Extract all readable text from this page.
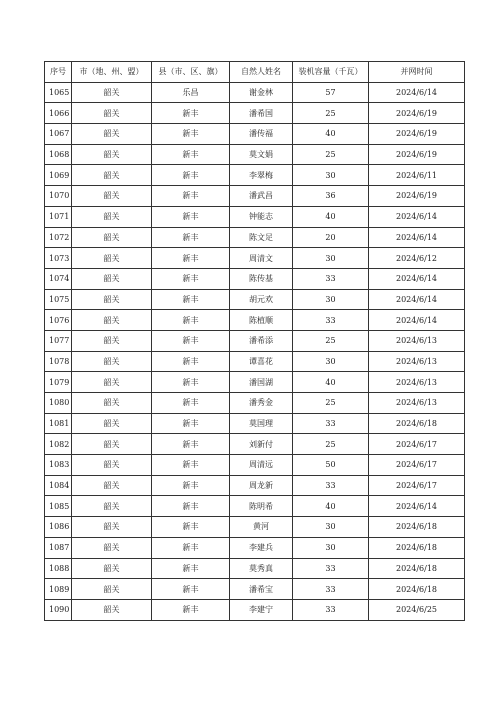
序号	市（地、州、盟）	县（市、区、旗）	自然人姓名	装机容量（千瓦）	并网时间
1065	韶关	乐昌	谢金林	57	2024/6/14
1066	韶关	新丰	潘希国	25	2024/6/19
1067	韶关	新丰	潘传福	40	2024/6/19
1068	韶关	新丰	莫文娟	25	2024/6/19
1069	韶关	新丰	李翠梅	30	2024/6/11
1070	韶关	新丰	潘武昌	36	2024/6/19
1071	韶关	新丰	钟能志	40	2024/6/14
1072	韶关	新丰	陈文足	20	2024/6/14
1073	韶关	新丰	周清文	30	2024/6/12
1074	韶关	新丰	陈传基	33	2024/6/14
1075	韶关	新丰	胡元欢	30	2024/6/14
1076	韶关	新丰	陈植顺	33	2024/6/14
1077	韶关	新丰	潘希添	25	2024/6/13
1078	韶关	新丰	谭喜花	30	2024/6/13
1079	韶关	新丰	潘国湖	40	2024/6/13
1080	韶关	新丰	潘秀金	25	2024/6/13
1081	韶关	新丰	莫国理	33	2024/6/18
1082	韶关	新丰	刘新付	25	2024/6/17
1083	韶关	新丰	周清远	50	2024/6/17
1084	韶关	新丰	周龙新	33	2024/6/17
1085	韶关	新丰	陈明希	40	2024/6/14
1086	韶关	新丰	黄河	30	2024/6/18
1087	韶关	新丰	李建兵	30	2024/6/18
1088	韶关	新丰	莫秀真	33	2024/6/18
1089	韶关	新丰	潘希宝	33	2024/6/18
1090	韶关	新丰	李建宁	33	2024/6/25
